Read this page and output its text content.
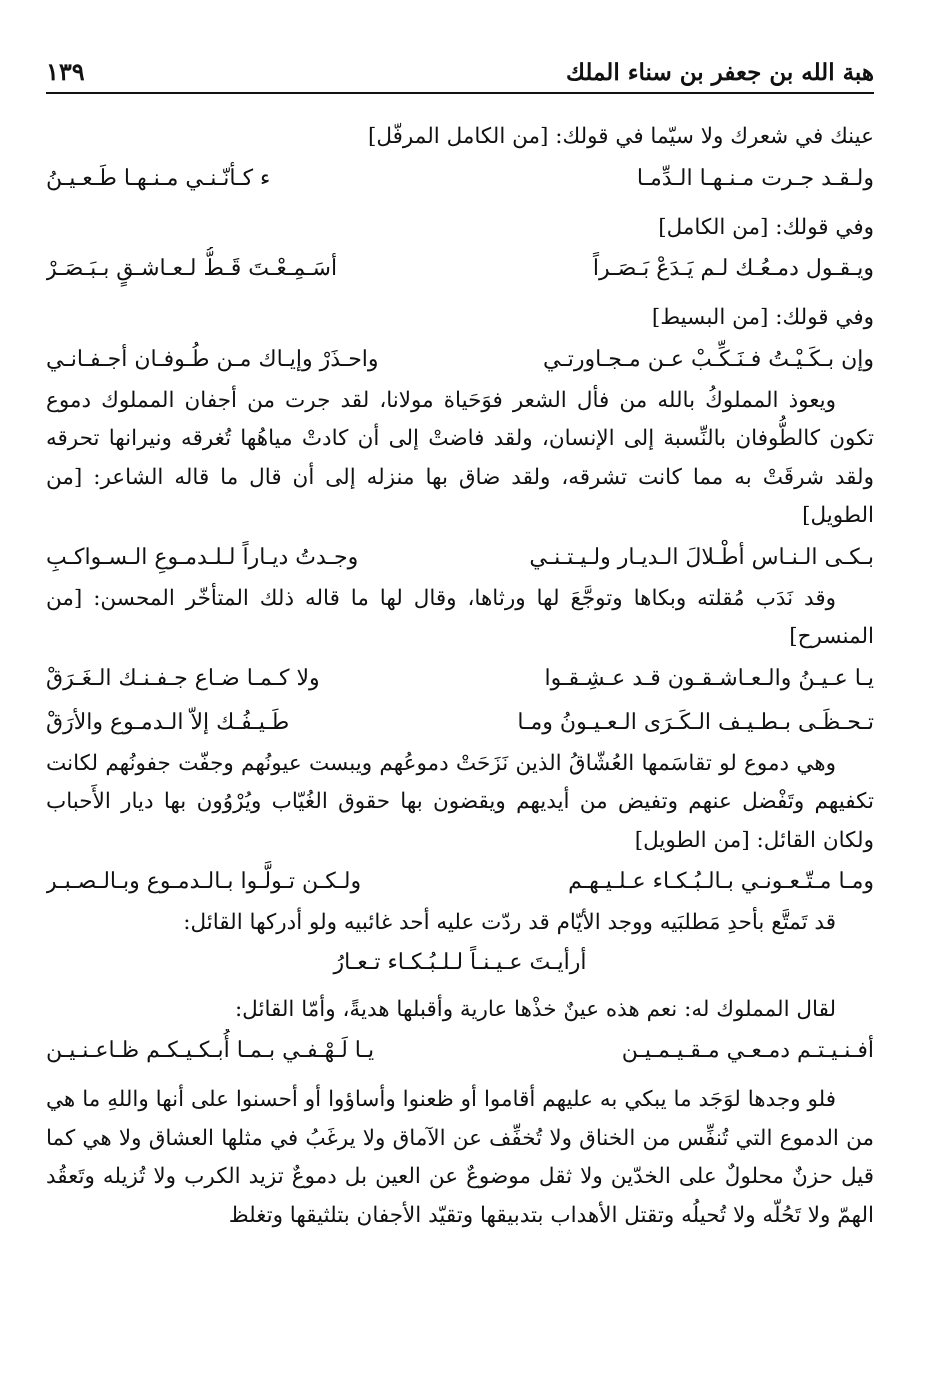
هبة الله بن جعفر بن سناء الملك
١٣٩

عينك في شعرك ولا سيّما في قولك: [من الكامل المرفّل]

ولـقـد جـرت مـنـهـا الـدِّمـا
ء كـأنّـنـي مـنـهـا طَـعـيـنُ

وفي قولك: [من الكامل]

ويـقـول دمـعُـك لـم يَـدَعْ بَـصَـراً
أسَـمِـعْـتَ قَـطُّ لـعـاشـقٍ بـبَـصَـرْ

وفي قولك: [من البسيط]

وإن بـكَـيْـتُ فـنَـكِّـبْ عـن مـجـاورتـي
واحـذَرْ وإيـاك مـن طُـوفـان أجـفـانـي

ويعوذ المملوكُ بالله من فأل الشعر فوَحَياة مولانا، لقد جرت من أجفان المملوك دموع تكون كالطُّوفان بالنِّسبة إلى الإنسان، ولقد فاضتْ إلى أن كادتْ مياهُها تُغرقه ونيرانها تحرقه ولقد شرقَتْ به مما كانت تشرقه، ولقد ضاق بها منزله إلى أن قال ما قاله الشاعر: [من الطويل]

بـكـى الـنـاس أطْـلالَ الـديـار ولـيـتـنـي
وجـدتُ ديـاراً لـلـدمـوعِ الـسـواكـبِ

وقد نَدَب مُقلته وبكاها وتوجَّعَ لها ورثاها، وقال لها ما قاله ذلك المتأخّر المحسن: [من المنسرح]

يـا عـيـنُ والـعـاشـقـون قـد عـشِـقـوا
ولا كـمـا ضـاع جـفـنـك الـغَـرَقْ
تـحـظَـى بـطـيـف الـكَـرَى الـعـيـونُ ومـا
طَـيـفُـك إلاّ الـدمـوع والأرَقْ

وهي دموع لو تقاسَمها العُشّاقُ الذين نَزَحَتْ دموعُهم ويبست عيونُهم وجفّت جفونُهم لكانت تكفيهم وتَفْضل عنهم وتفيض من أيديهم ويقضون بها حقوق الغُيّاب ويُرْوُون بها ديار الأَحباب ولكان القائل: [من الطويل]

ومـا مـتّـعـونـي بـالـبُـكـاء عـلـيـهـم
ولـكـن تـولَّـوا بـالـدمـوع وبـالـصـبـر

قد تَمتَّع بأحدِ مَطلبَيه ووجد الأيّام قد ردّت عليه أحد غائبيه ولو أدركها القائل:

أرأيـتَ عـيـنـاً لـلـبُـكـاء تـعـارُ

لقال المملوك له: نعم هذه عينٌ خذْها عارية وأقبلها هديةً، وأمّا القائل:

أفـنـيـتـم دمـعـي مـقـيـمـيـن
يـا لَـهْـفـي بـمـا أُبـكـيـكـم ظـاعـنـيـن

فلو وجدها لوَجَد ما يبكي به عليهم أقاموا أو ظعنوا وأساؤوا أو أحسنوا على أنها واللهِ ما هي من الدموع التي تُنفِّس من الخناق ولا تُخفِّف عن الآماق ولا يرغَبُ في مثلها العشاق ولا هي كما قيل حزنٌ محلولٌ على الخدّين ولا ثقل موضوعٌ عن العين بل دموعٌ تزيد الكرب ولا تُزيله وتَعقُد الهمّ ولا تَحُلّه ولا تُحيلُه وتقتل الأهداب بتدبيقها وتقيّد الأجفان بتلثيقها وتغلظ
